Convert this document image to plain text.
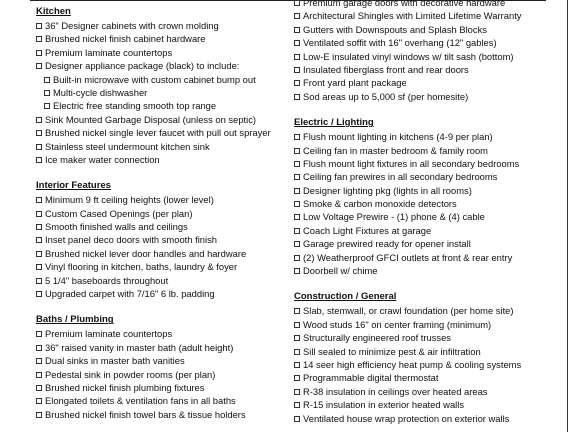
Kitchen
36" Designer cabinets with crown molding
Brushed nickel finish cabinet hardware
Premium laminate countertops
Designer appliance package (black) to include:
Built-in microwave with custom cabinet bump out
Multi-cycle dishwasher
Electric free standing smooth top range
Sink Mounted Garbage Disposal (unless on septic)
Brushed nickel single lever faucet with pull out sprayer
Stainless steel undermount kitchen sink
Ice maker water connection
Interior Features
Minimum 9 ft ceiling heights (lower level)
Custom Cased Openings (per plan)
Smooth finished walls and ceilings
Inset panel deco doors with smooth finish
Brushed nickel lever door handles and hardware
Vinyl flooring in kitchen, baths, laundry & foyer
5 1/4" baseboards throughout
Upgraded carpet with 7/16" 6 lb. padding
Baths / Plumbing
Premium laminate countertops
36" raised vanity in master bath (adult height)
Dual sinks in master bath vanities
Pedestal sink in powder rooms (per plan)
Brushed nickel finish plumbing fixtures
Elongated toilets & ventilation fans in all baths
Brushed nickel finish towel bars & tissue holders
Premium garage doors with decorative hardware
Architectural Shingles with Limited Lifetime Warranty
Gutters with Downspouts and Splash Blocks
Ventilated soffit with 16" overhang (12" gables)
Low-E insulated vinyl windows w/ tilt sash (bottom)
Insulated fiberglass front and rear doors
Front yard plant package
Sod areas up to 5,000 sf (per homesite)
Electric / Lighting
Flush mount lighting in kitchens (4-9 per plan)
Ceiling fan in master bedroom & family room
Flush mount light fixtures in all secondary bedrooms
Ceiling fan prewires in all secondary bedrooms
Designer lighting pkg (lights in all rooms)
Smoke & carbon monoxide detectors
Low Voltage Prewire - (1) phone & (4) cable
Coach Light Fixtures at garage
Garage prewired ready for opener install
(2) Weatherproof GFCI outlets at front & rear entry
Doorbell w/ chime
Construction / General
Slab, stemwall, or crawl foundation (per home site)
Wood studs 16" on center framing (minimum)
Structurally engineered roof trusses
Sill sealed to minimize pest & air infiltration
14 seer high efficiency heat pump & cooling systems
Programmable digital thermostat
R-38 insulation in ceilings over heated areas
R-15 insulation in exterior heated walls
Ventilated house wrap protection on exterior walls
